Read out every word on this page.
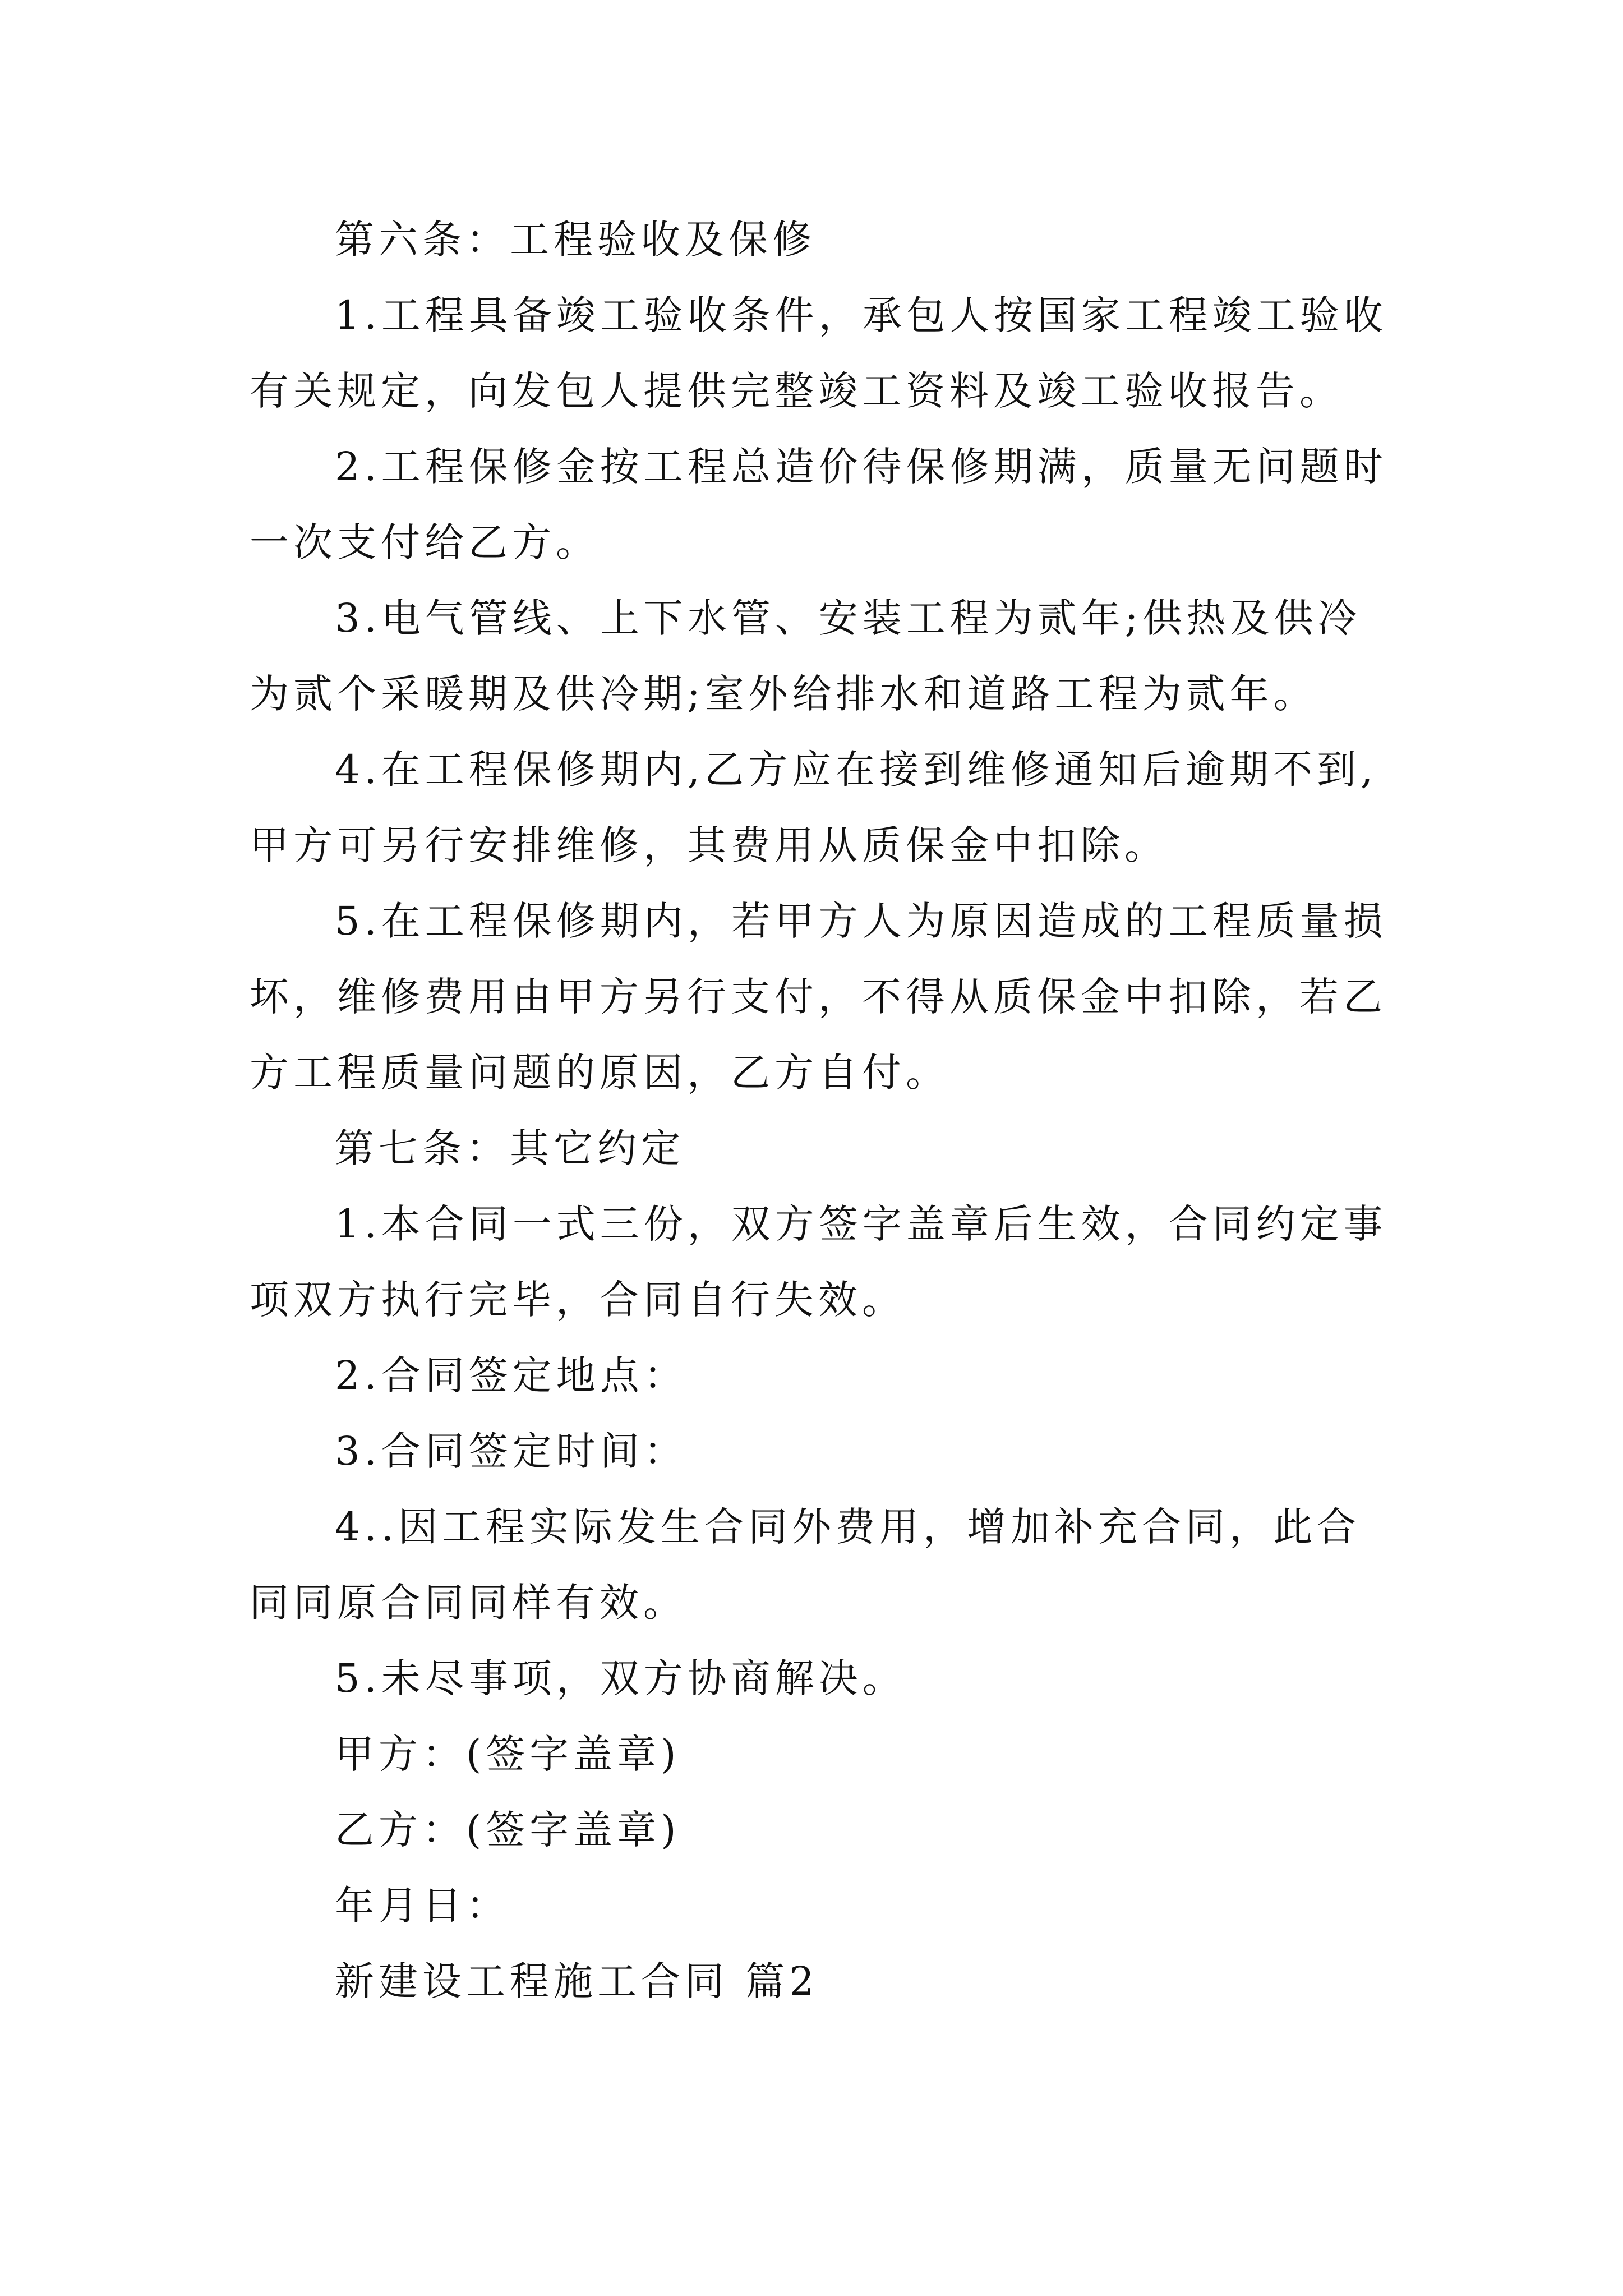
第六条：工程验收及保修

1.工程具备竣工验收条件，承包人按国家工程竣工验收有关规定，向发包人提供完整竣工资料及竣工验收报告。

2.工程保修金按工程总造价待保修期满，质量无问题时一次支付给乙方。

3.电气管线、上下水管、安装工程为贰年;供热及供冷为贰个采暖期及供冷期;室外给排水和道路工程为贰年。

4.在工程保修期内,乙方应在接到维修通知后逾期不到,甲方可另行安排维修，其费用从质保金中扣除。

5.在工程保修期内，若甲方人为原因造成的工程质量损坏，维修费用由甲方另行支付，不得从质保金中扣除，若乙方工程质量问题的原因，乙方自付。

第七条：其它约定

1.本合同一式三份，双方签字盖章后生效，合同约定事项双方执行完毕，合同自行失效。

2.合同签定地点：

3.合同签定时间：

4..因工程实际发生合同外费用，增加补充合同，此合同同原合同同样有效。

5.未尽事项，双方协商解决。

甲方：(签字盖章)

乙方：(签字盖章)

年月日：

新建设工程施工合同 篇2
